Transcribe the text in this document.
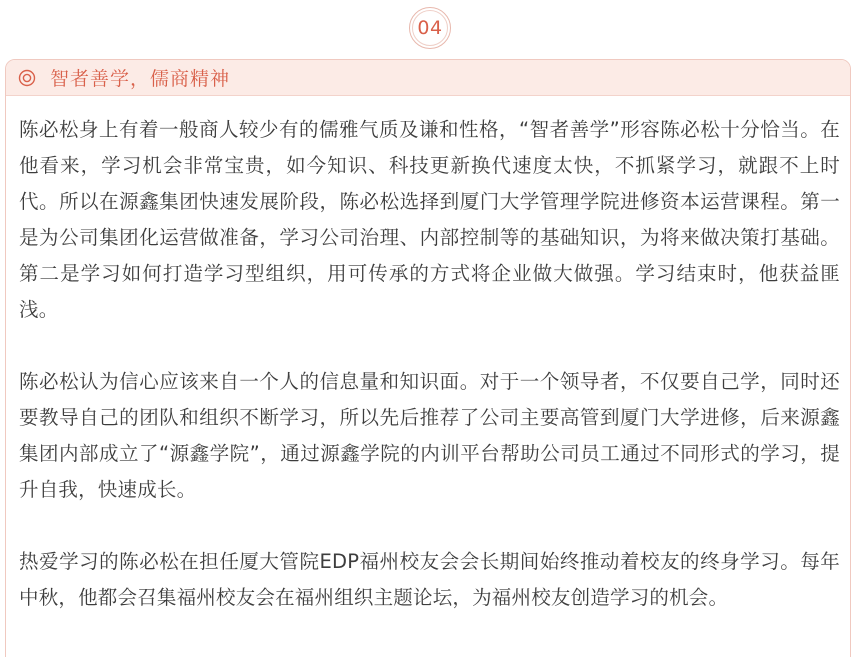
04
智者善学，儒商精神

陈必松身上有着一般商人较少有的儒雅气质及谦和性格，“智者善学”形容陈必松十分恰当。在他看来，学习机会非常宝贵，如今知识、科技更新换代速度太快，不抓紧学习，就跟不上时代。所以在源鑫集团快速发展阶段，陈必松选择到厦门大学管理学院进修资本运营课程。第一是为公司集团化运营做准备，学习公司治理、内部控制等的基础知识，为将来做决策打基础。第二是学习如何打造学习型组织，用可传承的方式将企业做大做强。学习结束时，他获益匪浅。

陈必松认为信心应该来自一个人的信息量和知识面。对于一个领导者，不仅要自己学，同时还要教导自己的团队和组织不断学习，所以先后推荐了公司主要高管到厦门大学进修，后来源鑫集团内部成立了“源鑫学院”，通过源鑫学院的内训平台帮助公司员工通过不同形式的学习，提升自我，快速成长。

热爱学习的陈必松在担任厦大管院EDP福州校友会会长期间始终推动着校友的终身学习。每年中秋，他都会召集福州校友会在福州组织主题论坛，为福州校友创造学习的机会。
